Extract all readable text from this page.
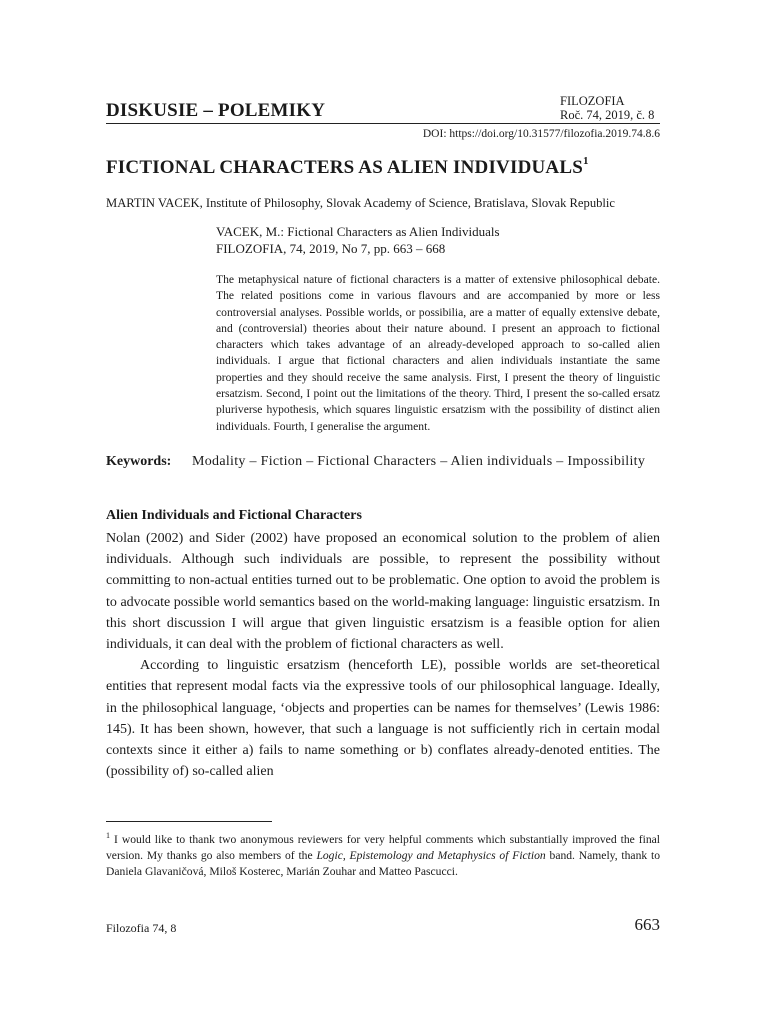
DISKUSIE – POLEMIKY	FILOZOFIA
Roč. 74, 2019, č. 8
DOI: https://doi.org/10.31577/filozofia.2019.74.8.6
FICTIONAL CHARACTERS AS ALIEN INDIVIDUALS$^1$
MARTIN VACEK, Institute of Philosophy, Slovak Academy of Science, Bratislava, Slovak Republic
VACEK, M.: Fictional Characters as Alien Individuals
FILOZOFIA, 74, 2019, No 7, pp. 663 – 668
The metaphysical nature of fictional characters is a matter of extensive philosophical debate. The related positions come in various flavours and are accompanied by more or less controversial analyses. Possible worlds, or possibilia, are a matter of equally extensive debate, and (controversial) theories about their nature abound. I present an approach to fictional characters which takes advantage of an already-developed approach to so-called alien individuals. I argue that fictional characters and alien individuals instantiate the same properties and they should receive the same analysis. First, I present the theory of linguistic ersatzism. Second, I point out the limitations of the theory. Third, I present the so-called ersatz pluriverse hypothesis, which squares linguistic ersatzism with the possibility of distinct alien individuals. Fourth, I generalise the argument.
Keywords: Modality – Fiction – Fictional Characters – Alien individuals – Impossibility
Alien Individuals and Fictional Characters

Nolan (2002) and Sider (2002) have proposed an economical solution to the problem of alien individuals. Although such individuals are possible, to represent the possibility without committing to non-actual entities turned out to be problematic. One option to avoid the problem is to advocate possible world semantics based on the world-making language: linguistic ersatzism. In this short discussion I will argue that given linguistic ersatzism is a feasible option for alien individuals, it can deal with the problem of fictional characters as well.

According to linguistic ersatzism (henceforth LE), possible worlds are set-theoretical entities that represent modal facts via the expressive tools of our philosophical language. Ideally, in the philosophical language, ‘objects and properties can be names for themselves’ (Lewis 1986: 145). It has been shown, however, that such a language is not sufficiently rich in certain modal contexts since it either a) fails to name something or b) conflates already-denoted entities. The (possibility of) so-called alien

$^1$ I would like to thank two anonymous reviewers for very helpful comments which substantially improved the final version. My thanks go also members of the Logic, Epistemology and Metaphysics of Fiction band. Namely, thank to Daniela Glavaničová, Miloš Kosterec, Marián Zouhar and Matteo Pascucci.
Filozofia 74, 8	663
